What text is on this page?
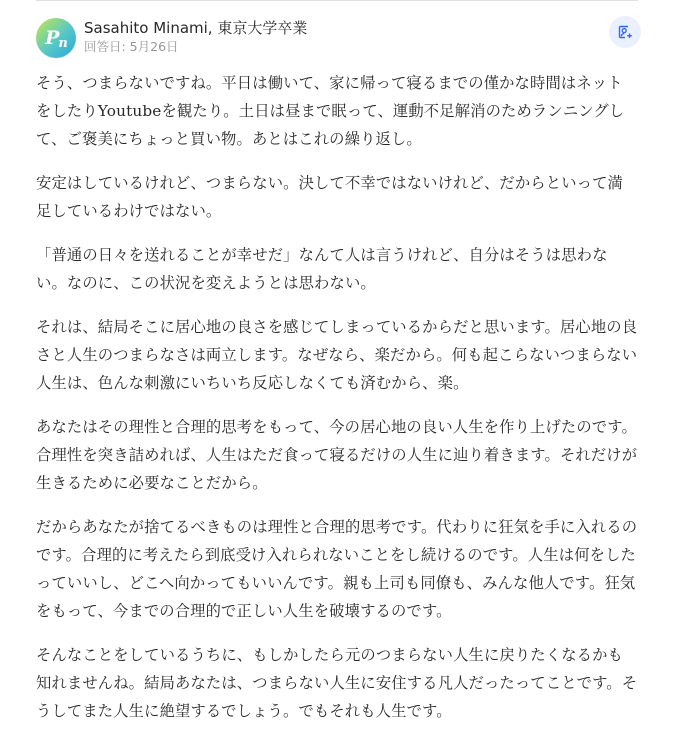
Pn
Sasahito Minami, 東京大学卒業
回答日: 5月26日

そう、つまらないですね。平日は働いて、家に帰って寝るまでの僅かな時間はネットをしたりYoutubeを観たり。土日は昼まで眠って、運動不足解消のためランニングして、ご褒美にちょっと買い物。あとはこれの繰り返し。

安定はしているけれど、つまらない。決して不幸ではないけれど、だからといって満足しているわけではない。

「普通の日々を送れることが幸せだ」なんて人は言うけれど、自分はそうは思わない。なのに、この状況を変えようとは思わない。

それは、結局そこに居心地の良さを感じてしまっているからだと思います。居心地の良さと人生のつまらなさは両立します。なぜなら、楽だから。何も起こらないつまらない人生は、色んな刺激にいちいち反応しなくても済むから、楽。

あなたはその理性と合理的思考をもって、今の居心地の良い人生を作り上げたのです。合理性を突き詰めれば、人生はただ食って寝るだけの人生に辿り着きます。それだけが生きるために必要なことだから。

だからあなたが捨てるべきものは理性と合理的思考です。代わりに狂気を手に入れるのです。合理的に考えたら到底受け入れられないことをし続けるのです。人生は何をしたっていいし、どこへ向かってもいいんです。親も上司も同僚も、みんな他人です。狂気をもって、今までの合理的で正しい人生を破壊するのです。

そんなことをしているうちに、もしかしたら元のつまらない人生に戻りたくなるかも知れませんね。結局あなたは、つまらない人生に安住する凡人だったってことです。そうしてまた人生に絶望するでしょう。でもそれも人生です。
